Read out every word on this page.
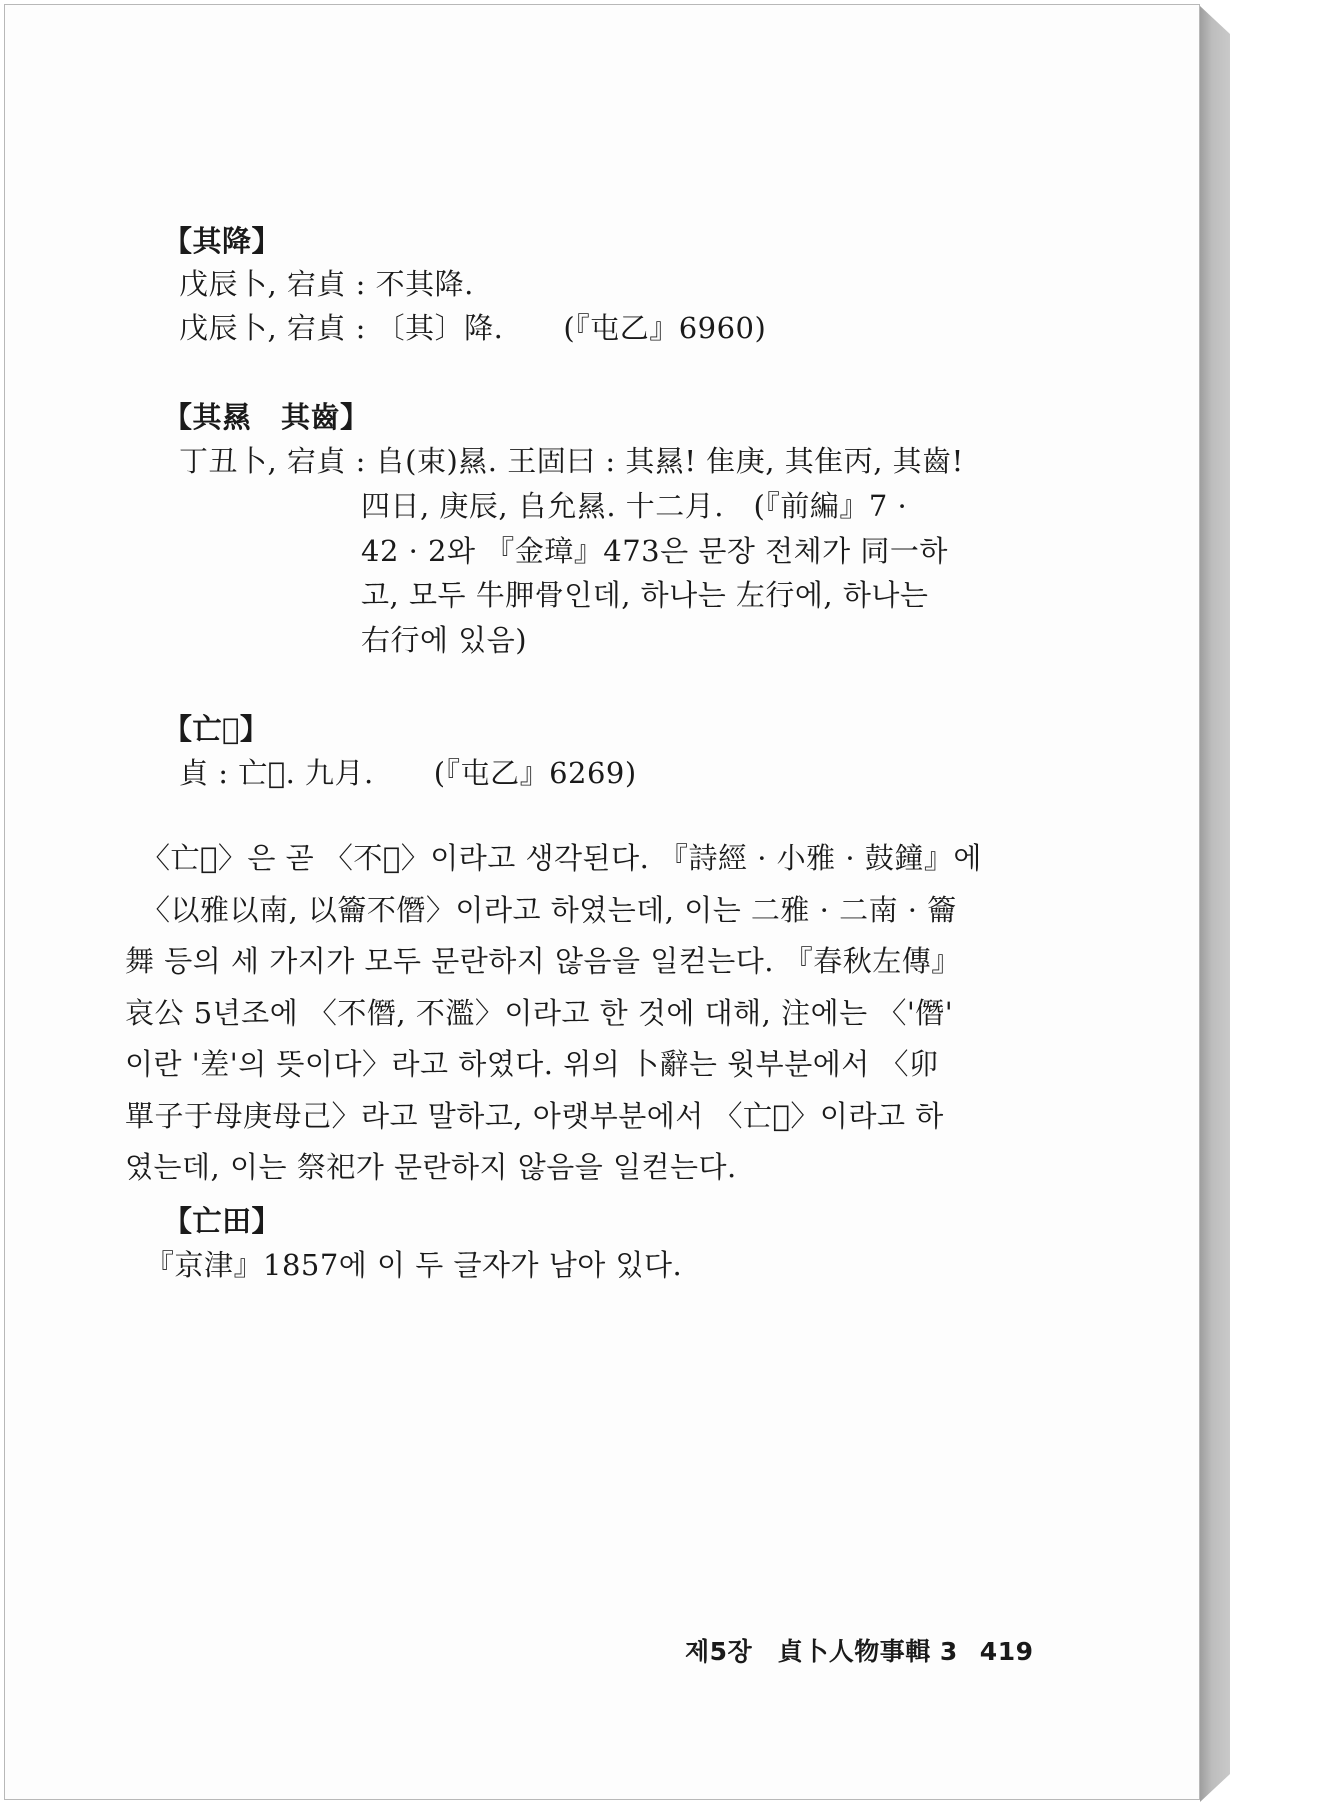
【其降】
戊辰卜, 宕貞 : 不其降.
戊辰卜, 宕貞 : 〔其〕降. (『屯乙』6960)
【其㬎　其齒】
丁丑卜, 宕貞 : 𠂤(束)㬎. 王固曰 : 其㬎! 隹庚, 其隹丙, 其齒!
四日, 庚辰, 𠂤允㬎. 十二月.　(『前編』7 ·
42 · 2와 『金璋』473은 문장 전체가 同一하
고, 모두 牛胛骨인데, 하나는 左行에, 하나는
右行에 있음)
【亡𣍗】
貞 : 亡𣍗. 九月. (『屯乙』6269)
〈亡𣍗〉은 곧 〈不𣍗〉이라고 생각된다. 『詩經 · 小雅 · 鼓鐘』에
〈以雅以南, 以籥不僭〉이라고 하였는데, 이는 二雅 · 二南 · 籥
舞 등의 세 가지가 모두 문란하지 않음을 일컫는다. 『春秋左傳』
哀公 5년조에 〈不僭, 不濫〉이라고 한 것에 대해, 注에는 〈'僭'
이란 '差'의 뜻이다〉라고 하였다. 위의 卜辭는 윗부분에서 〈卯
單子于母庚母己〉라고 말하고, 아랫부분에서 〈亡𣍗〉이라고 하
였는데, 이는 祭祀가 문란하지 않음을 일컫는다.
【亡田】
『京津』1857에 이 두 글자가 남아 있다.
제5장　貞卜人物事輯 3 419
